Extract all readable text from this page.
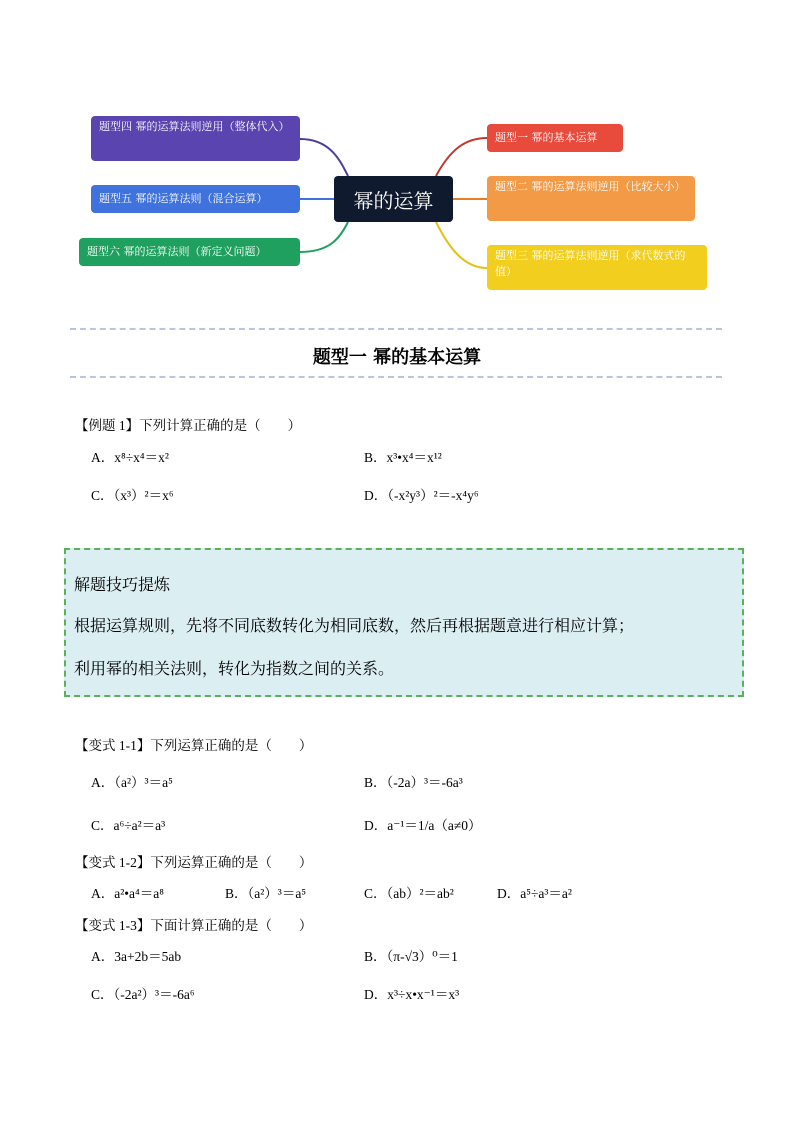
幂的运算
题型一 幂的基本运算
题型二 幂的运算法则逆用（比较大小）
题型三 幂的运算法则逆用（求代数式的值）
题型四 幂的运算法则逆用（整体代入）
题型五 幂的运算法则（混合运算）
题型六 幂的运算法则（新定义问题）
题型一 幂的基本运算
【例题 1】下列计算正确的是（　　）
A．x⁸÷x⁴＝x²	B．x³•x⁴＝x¹²
C．（x³）²＝x⁶	D．（-x²y³）²＝-x⁴y⁶
解题技巧提炼
根据运算规则，先将不同底数转化为相同底数，然后再根据题意进行相应计算；
利用幂的相关法则，转化为指数之间的关系。
【变式 1-1】下列运算正确的是（　　）
A．（a²）³＝a⁵	B．（-2a）³＝-6a³
C．a⁶÷a²＝a³	D．a⁻¹＝1/a（a≠0）
【变式 1-2】下列运算正确的是（　　）
A．a²•a⁴＝a⁸	B．（a²）³＝a⁵	C．（ab）²＝ab²	D．a⁵÷a³＝a²
【变式 1-3】下面计算正确的是（　　）
A．3a+2b＝5ab	B．（π-√3）⁰＝1
C．（-2a²）³＝-6a⁶	D．x³÷x•x⁻¹＝x³
